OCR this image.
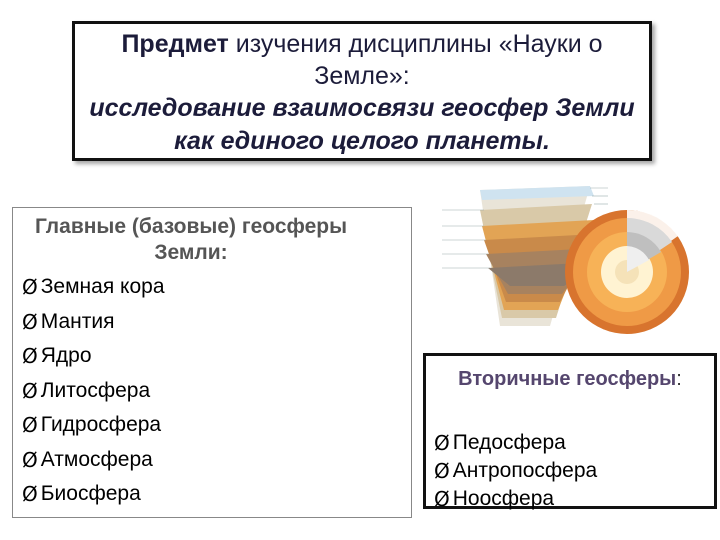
Предмет изучения дисциплины «Науки о Земле»:
исследование взаимосвязи геосфер Земли как единого целого планеты.
Главные (базовые) геосферы Земли:
Ø Земная кора
Ø Мантия
Ø Ядро
Ø Литосфера
Ø Гидросфера
Ø Атмосфера
Ø Биосфера
Вторичные геосферы:
Ø Педосфера
Ø Антропосфера
Ø Ноосфера
